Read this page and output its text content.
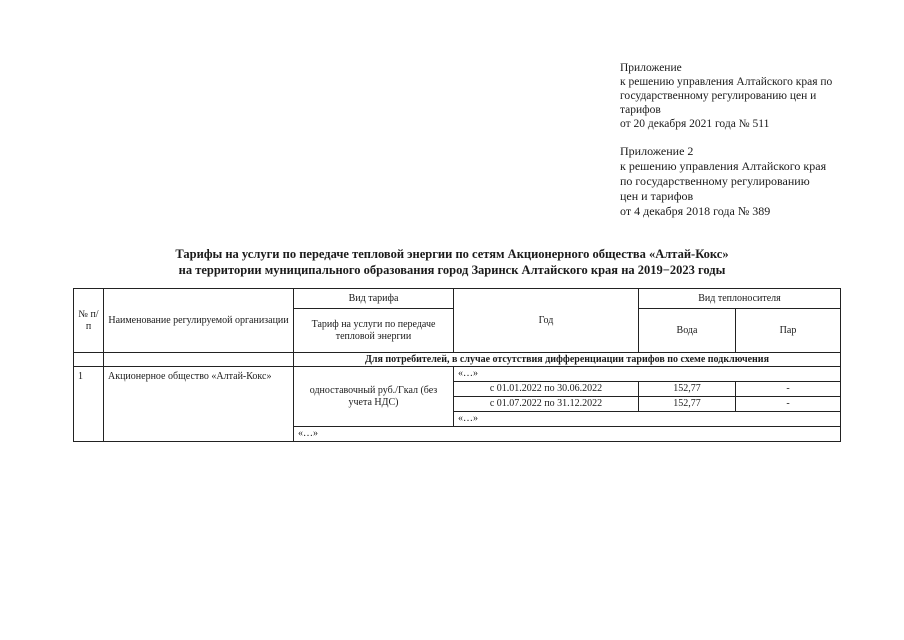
Приложение
к решению управления Алтайского края по
государственному регулированию цен и
тарифов
от 20 декабря 2021 года № 511
Приложение 2
к решению управления Алтайского края
по государственному регулированию
цен и тарифов
от 4 декабря 2018 года № 389
Тарифы на услуги по передаче тепловой энергии по сетям Акционерного общества «Алтай-Кокс»
на территории муниципального образования город Заринск Алтайского края на 2019−2023 годы
№ п/п	Наименование регулируемой организации	Вид тарифа	Год	Вид теплоносителя	
		Тариф на услуги по передаче тепловой энергии		Вода	Пар
		Для потребителей, в случае отсутствия дифференциации тарифов по схеме подключения			
1	Акционерное общество «Алтай-Кокс»	одноставочный руб./Гкал (без учета НДС)	«…»		
			с 01.01.2022 по 30.06.2022	152,77	-
			с 01.07.2022 по 31.12.2022	152,77	-
			«…»		
		«…»			
